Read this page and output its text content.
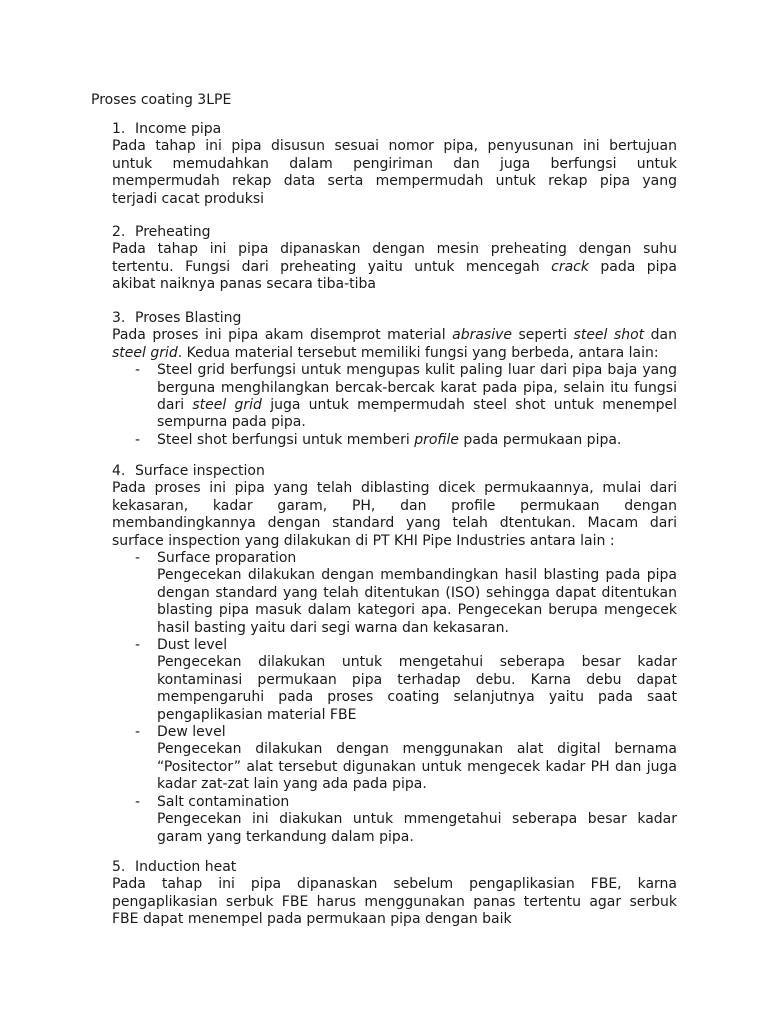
Proses coating 3LPE
1. Income pipa
Pada tahap ini pipa disusun sesuai nomor pipa, penyusunan ini bertujuan
untuk memudahkan dalam pengiriman dan juga berfungsi untuk
mempermudah rekap data serta mempermudah untuk rekap pipa yang
terjadi cacat produksi
2. Preheating
Pada tahap ini pipa dipanaskan dengan mesin preheating dengan suhu
tertentu. Fungsi dari preheating yaitu untuk mencegah crack pada pipa
akibat naiknya panas secara tiba-tiba
3. Proses Blasting
Pada proses ini pipa akam disemprot material abrasive seperti steel shot dan
steel grid. Kedua material tersebut memiliki fungsi yang berbeda, antara lain:
- Steel grid berfungsi untuk mengupas kulit paling luar dari pipa baja yang
berguna menghilangkan bercak-bercak karat pada pipa, selain itu fungsi
dari steel grid juga untuk mempermudah steel shot untuk menempel
sempurna pada pipa.
- Steel shot berfungsi untuk memberi profile pada permukaan pipa.
4. Surface inspection
Pada proses ini pipa yang telah diblasting dicek permukaannya, mulai dari
kekasaran, kadar garam, PH, dan profile permukaan dengan
membandingkannya dengan standard yang telah dtentukan. Macam dari
surface inspection yang dilakukan di PT KHI Pipe Industries antara lain :
- Surface proparation
Pengecekan dilakukan dengan membandingkan hasil blasting pada pipa
dengan standard yang telah ditentukan (ISO) sehingga dapat ditentukan
blasting pipa masuk dalam kategori apa. Pengecekan berupa mengecek
hasil basting yaitu dari segi warna dan kekasaran.
- Dust level
Pengecekan dilakukan untuk mengetahui seberapa besar kadar
kontaminasi permukaan pipa terhadap debu. Karna debu dapat
mempengaruhi pada proses coating selanjutnya yaitu pada saat
pengaplikasian material FBE
- Dew level
Pengecekan dilakukan dengan menggunakan alat digital bernama
“Positector” alat tersebut digunakan untuk mengecek kadar PH dan juga
kadar zat-zat lain yang ada pada pipa.
- Salt contamination
Pengecekan ini diakukan untuk mmengetahui seberapa besar kadar
garam yang terkandung dalam pipa.
5. Induction heat
Pada tahap ini pipa dipanaskan sebelum pengaplikasian FBE, karna
pengaplikasian serbuk FBE harus menggunakan panas tertentu agar serbuk
FBE dapat menempel pada permukaan pipa dengan baik
